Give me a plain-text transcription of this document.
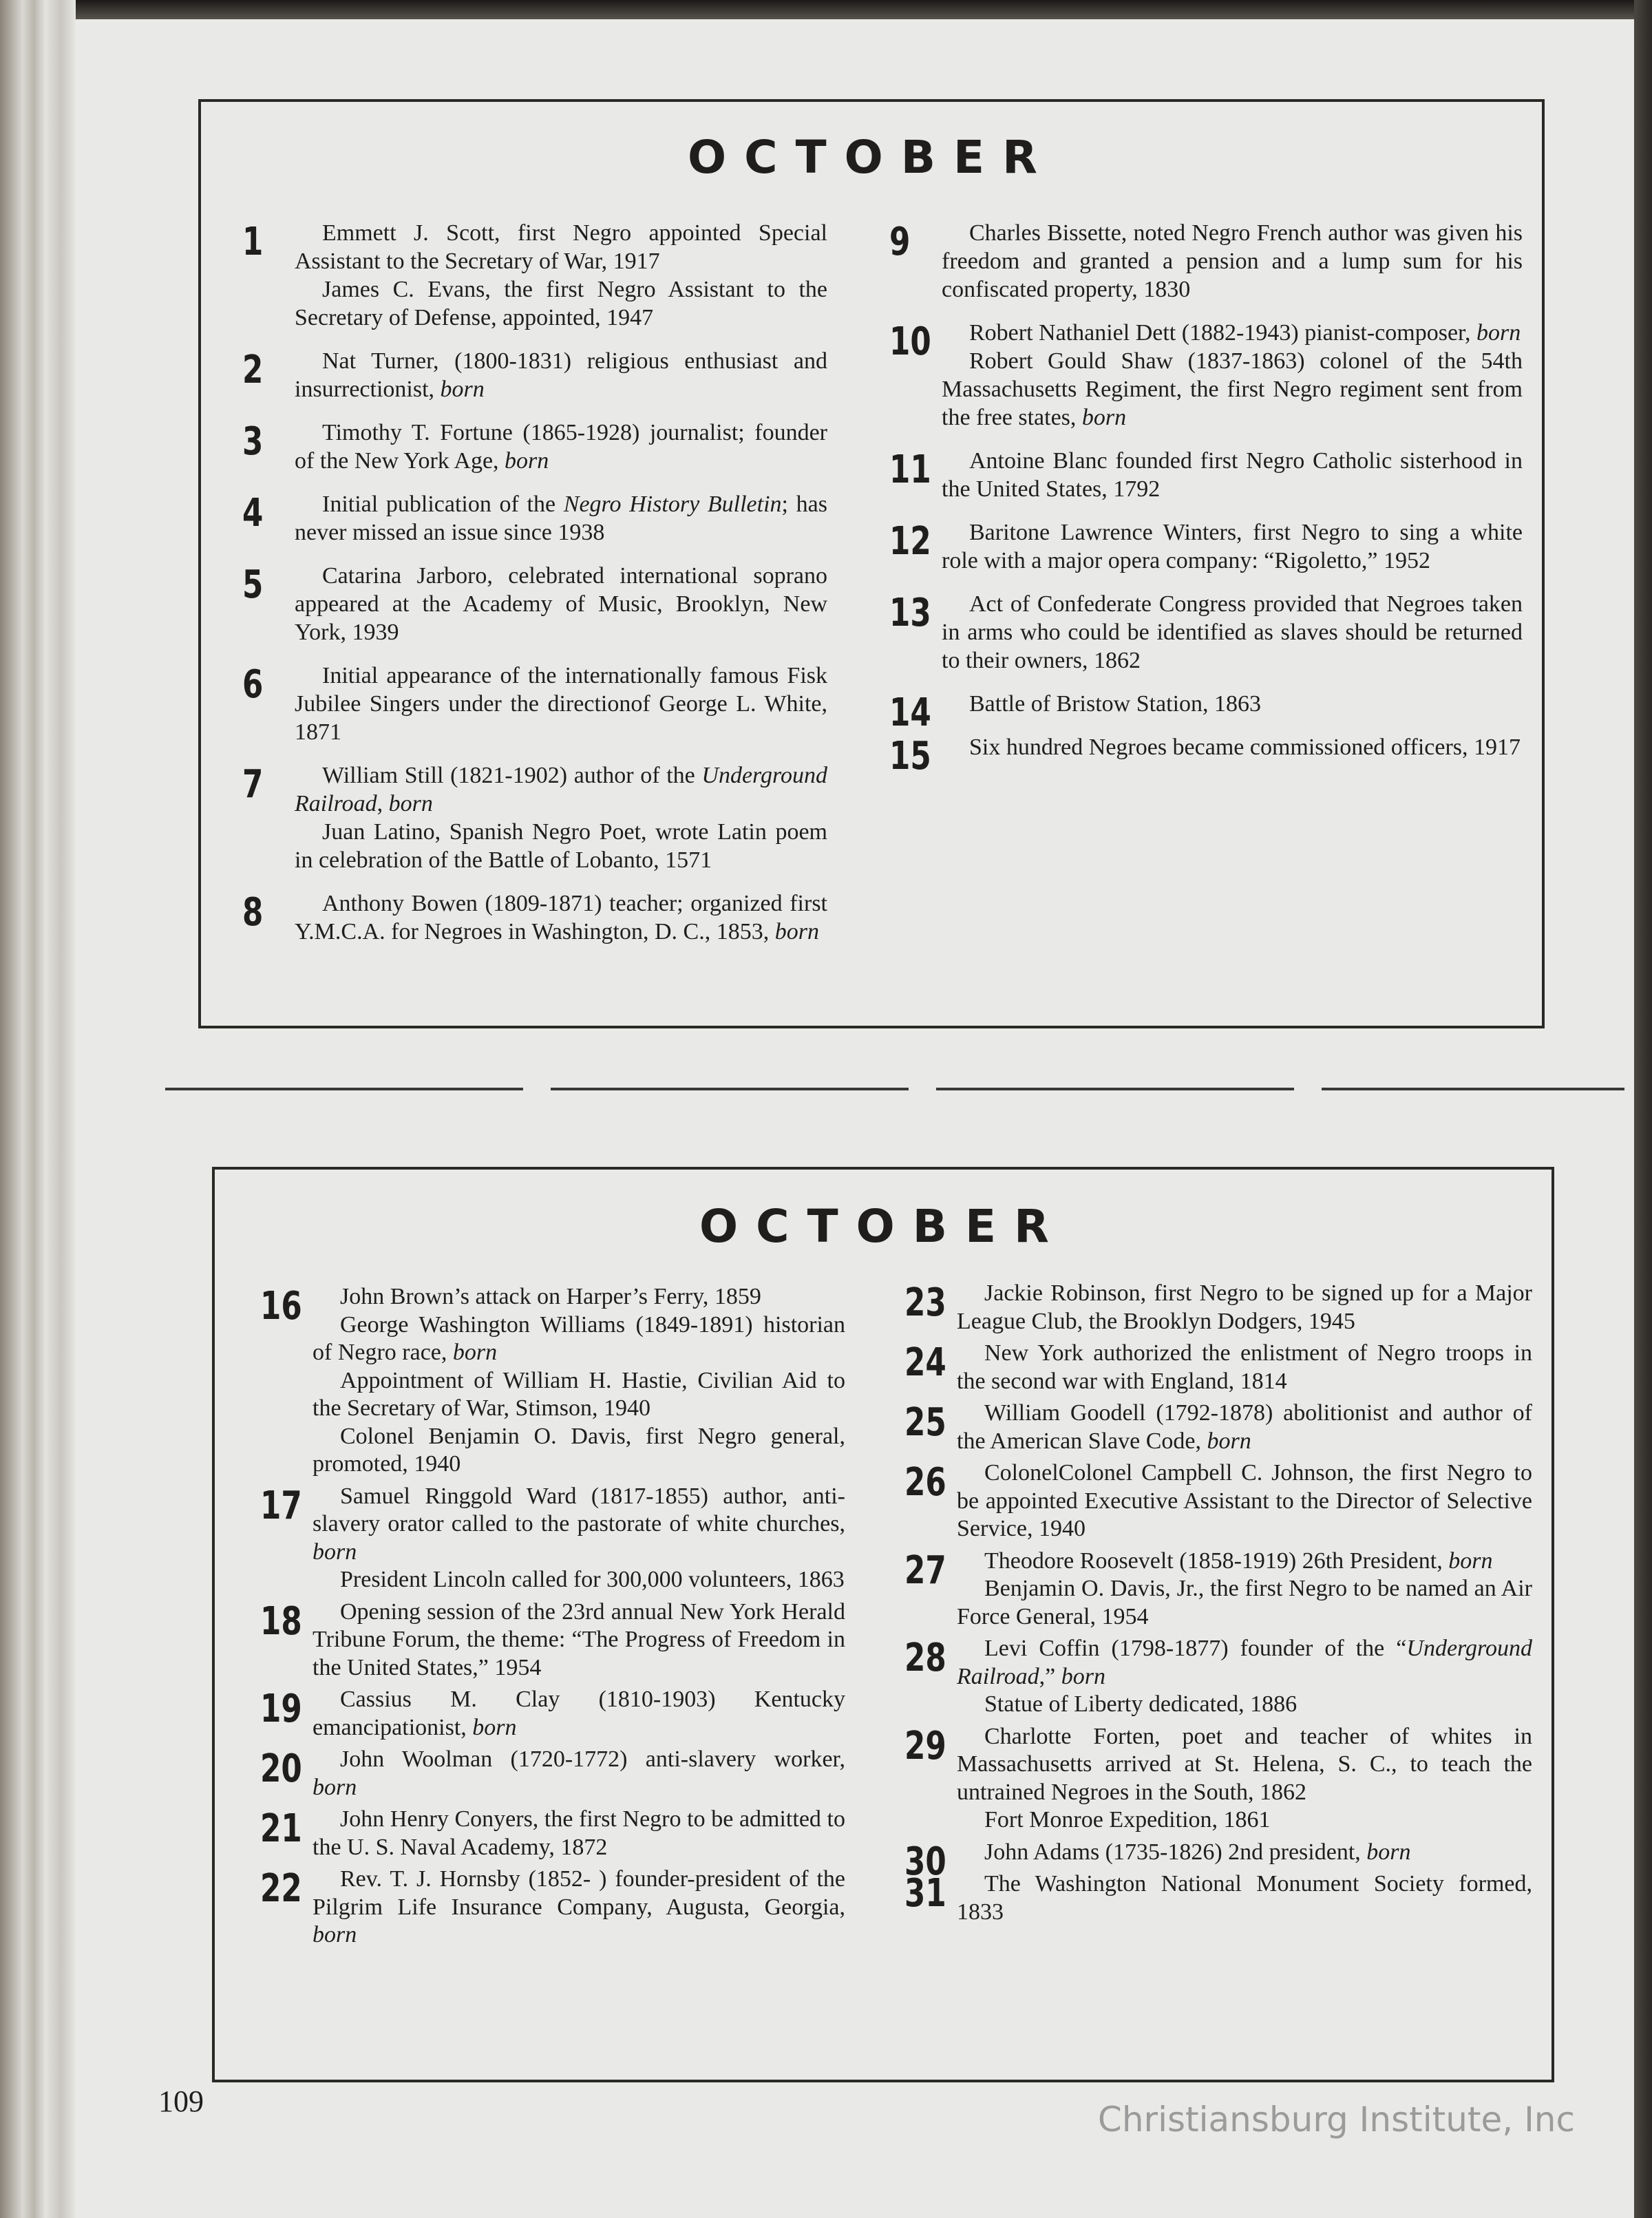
OCTOBER
1	Emmett J. Scott, first Negro appointed Special Assistant to the Secretary of War, 1917
James C. Evans, the first Negro Assistant to the Secretary of Defense, appointed, 1947
2	Nat Turner, (1800-1831) religious enthusiast and insurrectionist, born
3	Timothy T. Fortune (1865-1928) journalist; founder of the New York Age, born
4	Initial publication of the Negro History Bulletin; has never missed an issue since 1938
5	Catarina Jarboro, celebrated international soprano appeared at the Academy of Music, Brooklyn, New York, 1939
6	Initial appearance of the internationally famous Fisk Jubilee Singers under the directionof George L. White, 1871
7	William Still (1821-1902) author of the Underground Railroad, born
Juan Latino, Spanish Negro Poet, wrote Latin poem in celebration of the Battle of Lobanto, 1571
8	Anthony Bowen (1809-1871) teacher; organized first Y.M.C.A. for Negroes in Washington, D. C., 1853, born
9	Charles Bissette, noted Negro French author was given his freedom and granted a pension and a lump sum for his confiscated property, 1830
10	Robert Nathaniel Dett (1882-1943) pianist-composer, born
Robert Gould Shaw (1837-1863) colonel of the 54th Massachusetts Regiment, the first Negro regiment sent from the free states, born
11	Antoine Blanc founded first Negro Catholic sisterhood in the United States, 1792
12	Baritone Lawrence Winters, first Negro to sing a white role with a major opera company: “Rigoletto,” 1952
13	Act of Confederate Congress provided that Negroes taken in arms who could be identified as slaves should be returned to their owners, 1862
14	Battle of Bristow Station, 1863
15	Six hundred Negroes became commissioned officers, 1917
OCTOBER
16	John Brown’s attack on Harper’s Ferry, 1859
George Washington Williams (1849-1891) historian of Negro race, born
Appointment of William H. Hastie, Civilian Aid to the Secretary of War, Stimson, 1940
Colonel Benjamin O. Davis, first Negro general, promoted, 1940
17	Samuel Ringgold Ward (1817-1855) author, anti-slavery orator called to the pastorate of white churches, born
President Lincoln called for 300,000 volunteers, 1863
18	Opening session of the 23rd annual New York Herald Tribune Forum, the theme: “The Progress of Freedom in the United States,” 1954
19	Cassius M. Clay (1810-1903) Kentucky emancipationist, born
20	John Woolman (1720-1772) anti-slavery worker, born
21	John Henry Conyers, the first Negro to be admitted to the U. S. Naval Academy, 1872
22	Rev. T. J. Hornsby (1852- ) founder-president of the Pilgrim Life Insurance Company, Augusta, Georgia, born
23	Jackie Robinson, first Negro to be signed up for a Major League Club, the Brooklyn Dodgers, 1945
24	New York authorized the enlistment of Negro troops in the second war with England, 1814
25	William Goodell (1792-1878) abolitionist and author of the American Slave Code, born
26	ColonelColonel Campbell C. Johnson, the first Negro to be appointed Executive Assistant to the Director of Selective Service, 1940
27	Theodore Roosevelt (1858-1919) 26th President, born
Benjamin O. Davis, Jr., the first Negro to be named an Air Force General, 1954
28	Levi Coffin (1798-1877) founder of the “Underground Railroad,” born
Statue of Liberty dedicated, 1886
29	Charlotte Forten, poet and teacher of whites in Massachusetts arrived at St. Helena, S. C., to teach the untrained Negroes in the South, 1862
Fort Monroe Expedition, 1861
30	John Adams (1735-1826) 2nd president, born
31	The Washington National Monument Society formed, 1833
109	Christiansburg Institute, Inc
